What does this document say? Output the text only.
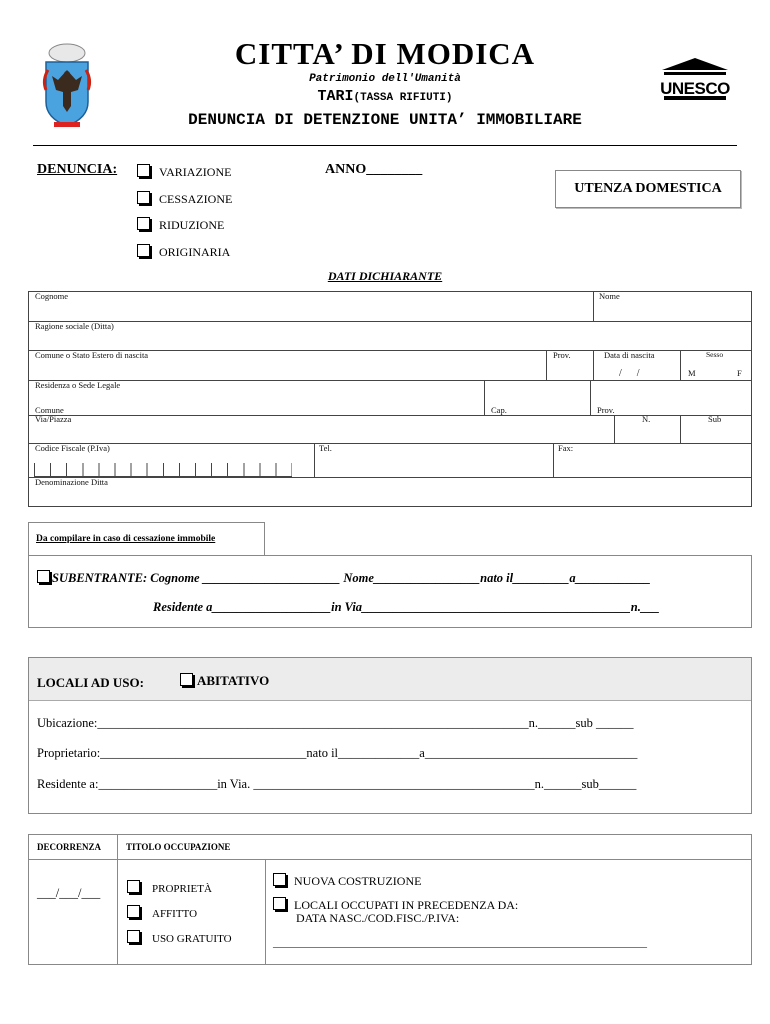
CITTA’ DI MODICA
Patrimonio dell'Umanità
TARI(TASSA RIFIUTI)
DENUNCIA DI DETENZIONE UNITA’ IMMOBILIARE
UNESCO
DENUNCIA:	VARIAZIONE
CESSAZIONE
RIDUZIONE
ORIGINARIA
ANNO________
UTENZA DOMESTICA
DATI DICHIARANTE
Cognome	Nome
Ragione sociale (Ditta)
Comune o Stato Estero di nascita	Prov.	Data di nascita	Sesso
/      /	M	F
Residenza o Sede Legale
Comune	Cap.	Prov.
Via/Piazza	N.	Sub
Codice Fiscale (P.Iva)	Tel.	Fax:
Denominazione Ditta
Da compilare in caso di cessazione immobile
SUBENTRANTE: Cognome ______________________ Nome_________________nato il_________a____________
Residente a___________________in Via___________________________________________n.___
LOCALI AD USO:	ABITATIVO
Ubicazione:_____________________________________________________________________n.______sub ______
Proprietario:_________________________________nato il_____________a__________________________________
Residente a:___________________in Via. _____________________________________________n.______sub______
DECORRENZA	TITOLO OCCUPAZIONE
___/___/___	PROPRIETÀ
AFFITTO
USO GRATUITO
NUOVA COSTRUZIONE
LOCALI OCCUPATI IN PRECEDENZA DA:
DATA NASC./COD.FISC./P.IVA:
____________________________________________________________________
